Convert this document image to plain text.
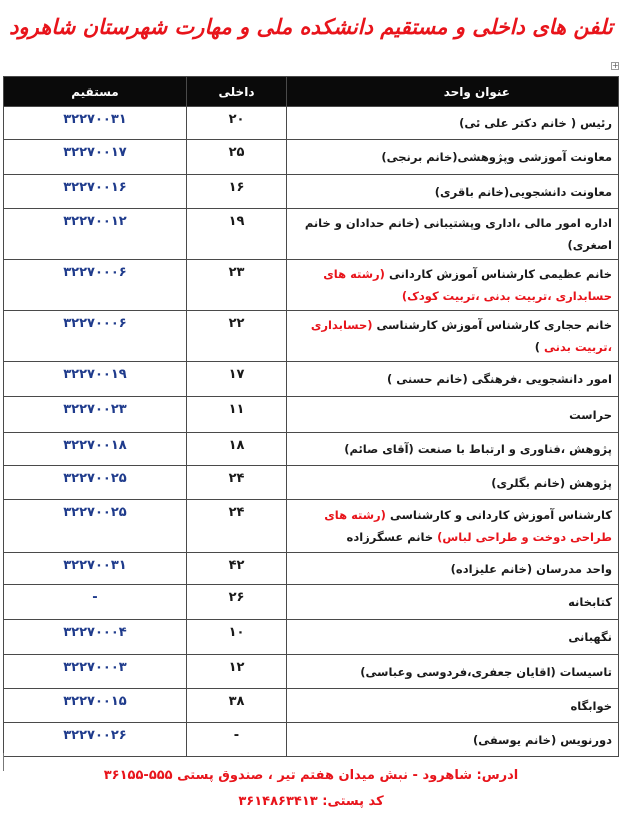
تلفن های داخلی و مستقیم دانشکده ملی و مهارت شهرستان شاهرود
+
عنوان واحد	داخلی	مستقیم
رئیس ( خانم دکتر علی ئی)	۲۰	۳۲۲۷۰۰۳۱
معاونت آموزشی وپژوهشی(خانم برنجی)	۲۵	۳۲۲۷۰۰۱۷
معاونت دانشجویی(خانم باقری)	۱۶	۳۲۲۷۰۰۱۶
اداره امور مالی ،اداری وپشتیبانی (خانم حدادان و خانم اصغری)	۱۹	۳۲۲۷۰۰۱۲
خانم عظیمی کارشناس آموزش کاردانی (رشته های حسابداری ،تربیت بدنی ،تربیت کودک)	۲۳	۳۲۲۷۰۰۰۶
خانم حجاری کارشناس آموزش کارشناسی (حسابداری ،تربیت بدنی )	۲۲	۳۲۲۷۰۰۰۶
امور دانشجویی ،فرهنگی (خانم حسنی )	۱۷	۳۲۲۷۰۰۱۹
حراست	۱۱	۳۲۲۷۰۰۲۳
پژوهش ،فناوری و ارتباط با صنعت (آقای صائم)	۱۸	۳۲۲۷۰۰۱۸
پژوهش (خانم بگلری)	۲۴	۳۲۲۷۰۰۲۵
کارشناس آموزش کاردانی و کارشناسی (رشته های طراحی دوخت و طراحی لباس) خانم عسگرزاده	۲۴	۳۲۲۷۰۰۲۵
واحد مدرسان (خانم علیزاده)	۴۲	۳۲۲۷۰۰۳۱
کتابخانه	۲۶	-
نگهبانی	۱۰	۳۲۲۷۰۰۰۴
تاسیسات (اقایان جعفری،فردوسی وعباسی)	۱۲	۳۲۲۷۰۰۰۳
خوابگاه	۳۸	۳۲۲۷۰۰۱۵
دورنویس (خانم یوسفی)	-	۳۲۲۷۰۰۲۶
ادرس: شاهرود - نبش میدان هفتم تیر ، صندوق پستی ۵۵۵-۳۶۱۵۵
کد پستی: ۳۶۱۴۸۶۳۴۱۳
